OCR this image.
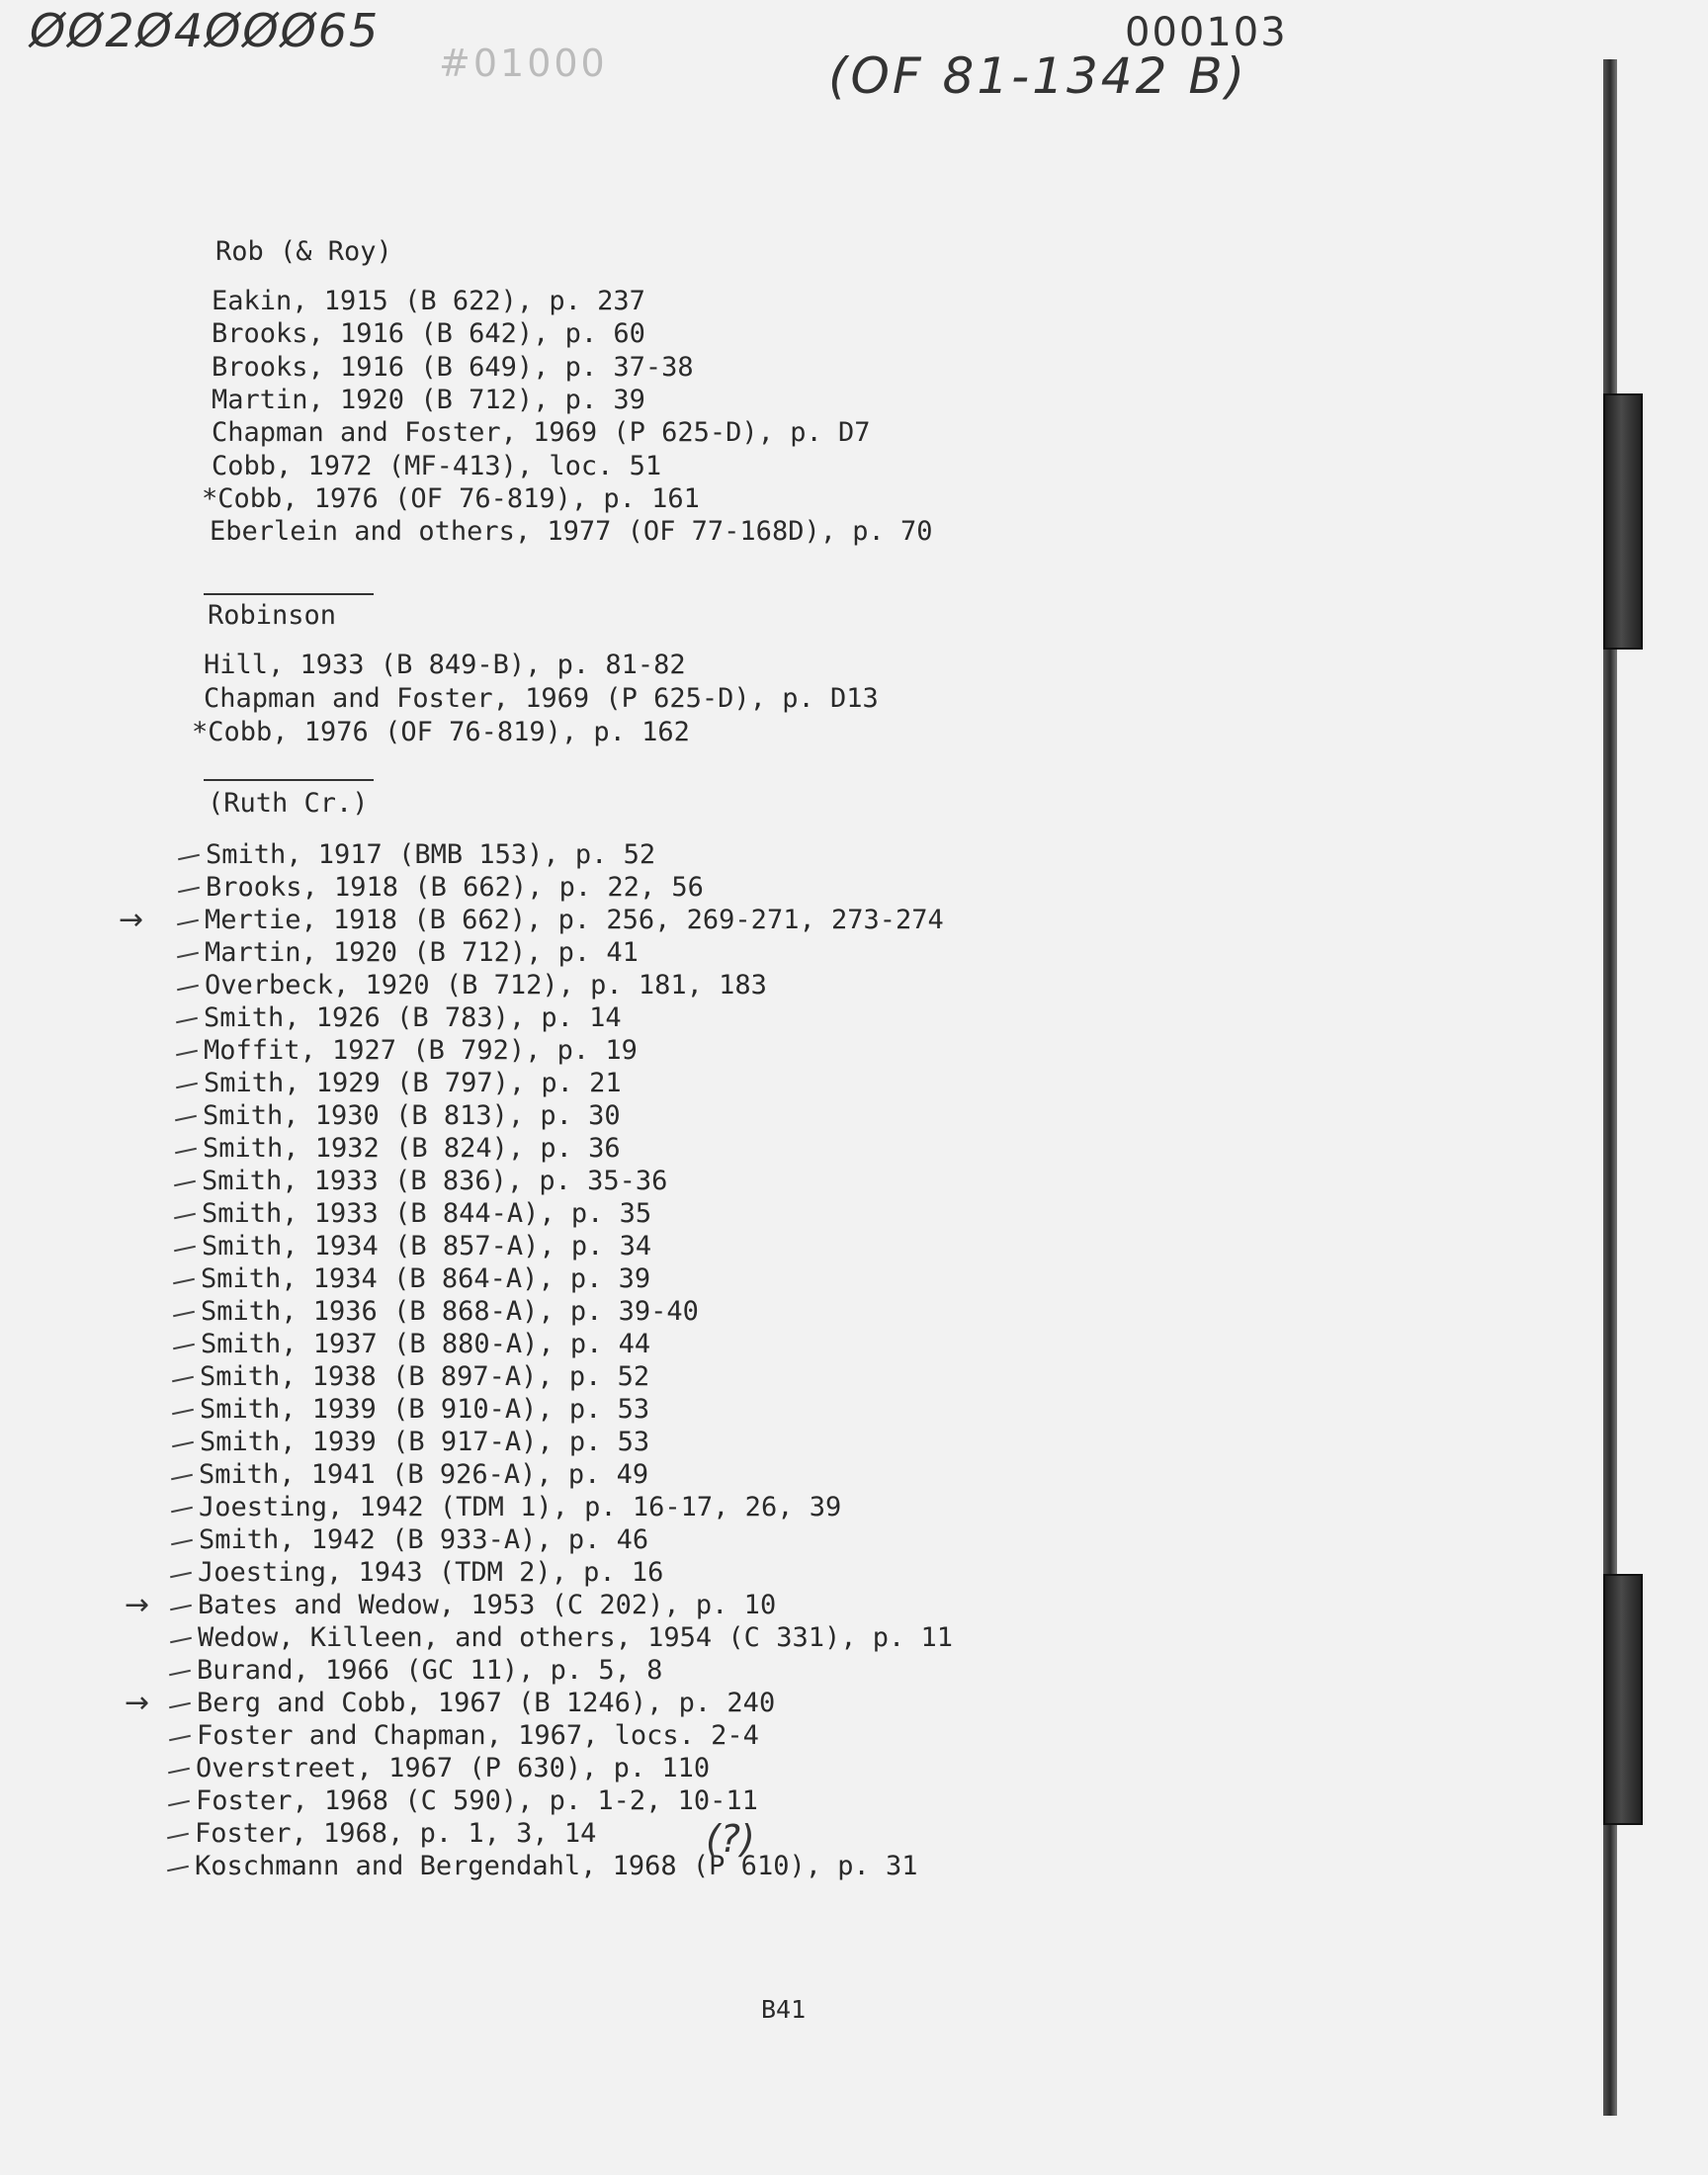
ØØ2Ø4ØØØ65
#01000
000103
(OF 81-1342 B)
Rob (& Roy)
Eakin, 1915 (B 622), p. 237
Brooks, 1916 (B 642), p. 60
Brooks, 1916 (B 649), p. 37-38
Martin, 1920 (B 712), p. 39
Chapman and Foster, 1969 (P 625-D), p. D7
Cobb, 1972 (MF-413), loc. 51
*Cobb, 1976 (OF 76-819), p. 161
Eberlein and others, 1977 (OF 77-168D), p. 70
Robinson
Hill, 1933 (B 849-B), p. 81-82
Chapman and Foster, 1969 (P 625-D), p. D13
*Cobb, 1976 (OF 76-819), p. 162
(Ruth Cr.)
Smith, 1917 (BMB 153), p. 52
Brooks, 1918 (B 662), p. 22, 56
Mertie, 1918 (B 662), p. 256, 269-271, 273-274
Martin, 1920 (B 712), p. 41
Overbeck, 1920 (B 712), p. 181, 183
Smith, 1926 (B 783), p. 14
Moffit, 1927 (B 792), p. 19
Smith, 1929 (B 797), p. 21
Smith, 1930 (B 813), p. 30
Smith, 1932 (B 824), p. 36
Smith, 1933 (B 836), p. 35-36
Smith, 1933 (B 844-A), p. 35
Smith, 1934 (B 857-A), p. 34
Smith, 1934 (B 864-A), p. 39
Smith, 1936 (B 868-A), p. 39-40
Smith, 1937 (B 880-A), p. 44
Smith, 1938 (B 897-A), p. 52
Smith, 1939 (B 910-A), p. 53
Smith, 1939 (B 917-A), p. 53
Smith, 1941 (B 926-A), p. 49
Joesting, 1942 (TDM 1), p. 16-17, 26, 39
Smith, 1942 (B 933-A), p. 46
Joesting, 1943 (TDM 2), p. 16
Bates and Wedow, 1953 (C 202), p. 10
Wedow, Killeen, and others, 1954 (C 331), p. 11
Burand, 1966 (GC 11), p. 5, 8
Berg and Cobb, 1967 (B 1246), p. 240
Foster and Chapman, 1967, locs. 2-4
Overstreet, 1967 (P 630), p. 110
Foster, 1968 (C 590), p. 1-2, 10-11
Foster, 1968, p. 1, 3, 14
Koschmann and Bergendahl, 1968 (P 610), p. 31
→
→
→
(?)
B41
